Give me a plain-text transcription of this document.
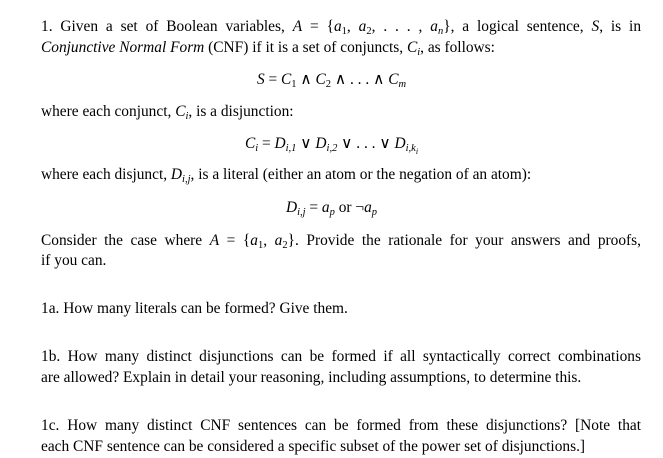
1. Given a set of Boolean variables, $A = \{a_1$, $a_2$, . . . , $a_n$}, a logical sentence, S, is in
Conjunctive Normal Form (CNF) if it is a set of conjuncts, $C_i$, as follows:
$S = C_1$ ∧ $C_2$ ∧ . . . ∧ $C_m$
where each conjunct, $C_i$, is a disjunction:
$C_i = D_{i,1}$ ∨ $D_{i,2}$ ∨ . . . ∨ $D_{i,k_i}$
where each disjunct, $D_{i,j}$, is a literal (either an atom or the negation of an atom):
$D_{i,j} = a_p$ or $\neg a_p$
Consider the case where $A = \{a_1$, $a_2$}. Provide the rationale for your answers and proofs,
if you can.
1a. How many literals can be formed? Give them.
1b. How many distinct disjunctions can be formed if all syntactically correct combinations
are allowed? Explain in detail your reasoning, including assumptions, to determine this.
1c. How many distinct CNF sentences can be formed from these disjunctions? [Note that
each CNF sentence can be considered a specific subset of the power set of disjunctions.]
